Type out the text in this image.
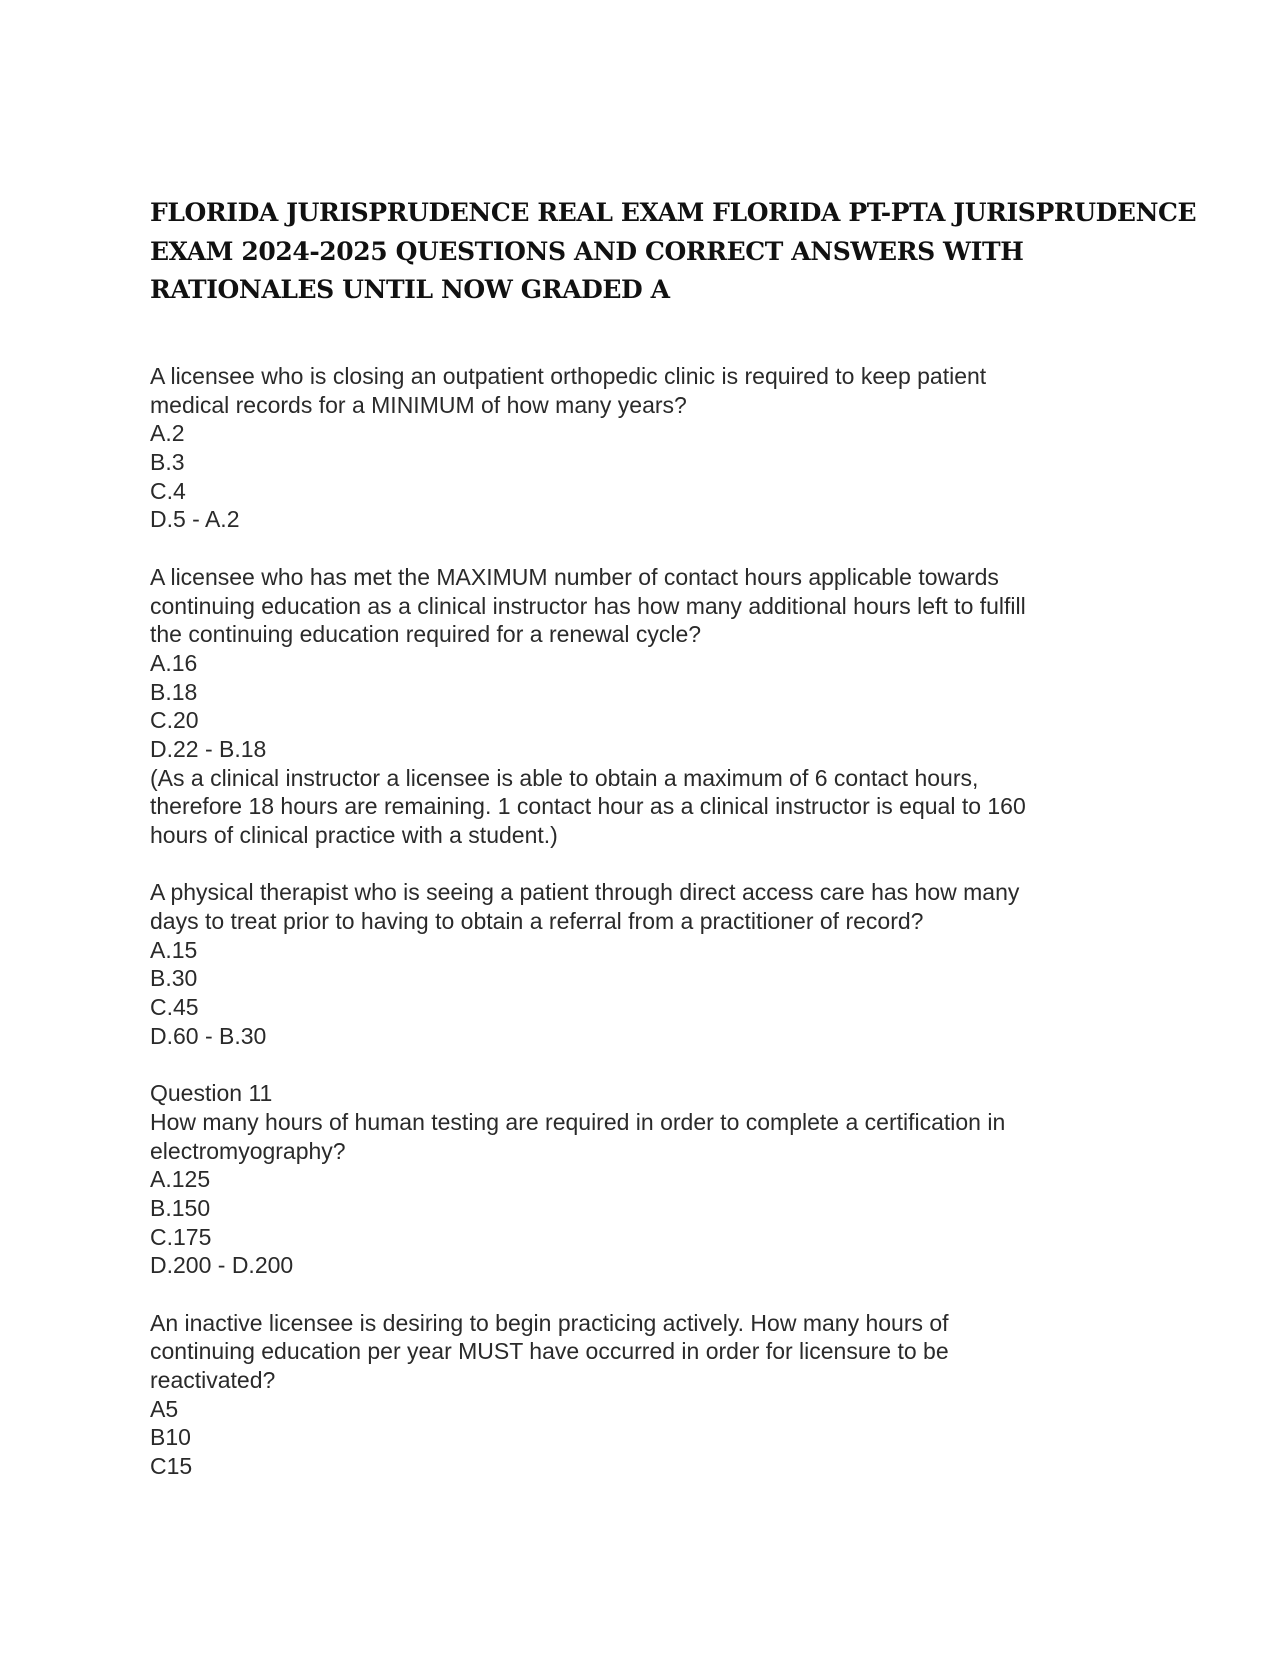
FLORIDA JURISPRUDENCE REAL EXAM FLORIDA PT-PTA JURISPRUDENCE
EXAM 2024-2025 QUESTIONS AND CORRECT ANSWERS WITH
RATIONALES UNTIL NOW GRADED A
A licensee who is closing an outpatient orthopedic clinic is required to keep patient
medical records for a MINIMUM of how many years?
A.2
B.3
C.4
D.5 - A.2
A licensee who has met the MAXIMUM number of contact hours applicable towards
continuing education as a clinical instructor has how many additional hours left to fulfill
the continuing education required for a renewal cycle?
A.16
B.18
C.20
D.22 - B.18
(As a clinical instructor a licensee is able to obtain a maximum of 6 contact hours,
therefore 18 hours are remaining. 1 contact hour as a clinical instructor is equal to 160
hours of clinical practice with a student.)
A physical therapist who is seeing a patient through direct access care has how many
days to treat prior to having to obtain a referral from a practitioner of record?
A.15
B.30
C.45
D.60 - B.30
Question 11
How many hours of human testing are required in order to complete a certification in
electromyography?
A.125
B.150
C.175
D.200 - D.200
An inactive licensee is desiring to begin practicing actively. How many hours of
continuing education per year MUST have occurred in order for licensure to be
reactivated?
A5
B10
C15
